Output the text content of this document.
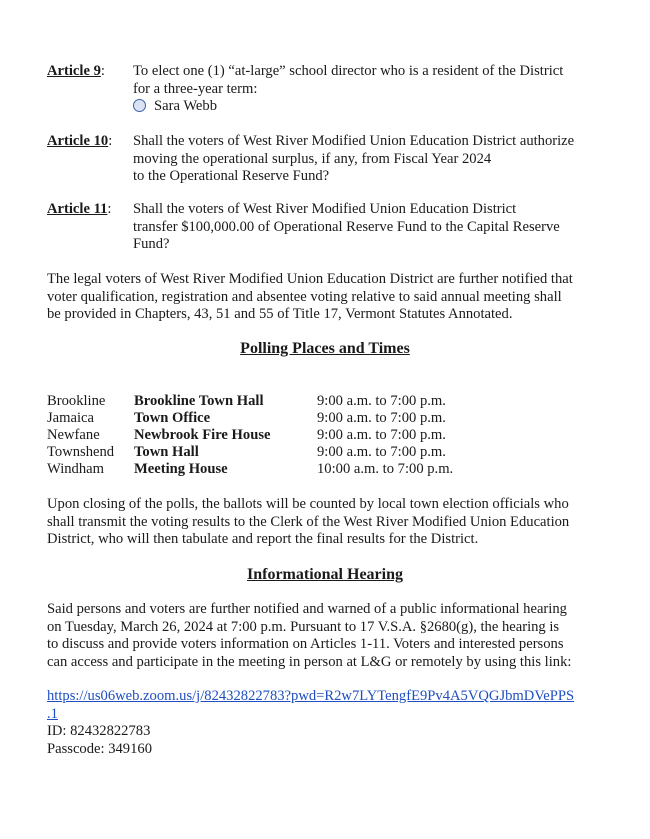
Article 9: To elect one (1) “at-large” school director who is a resident of the District
for a three-year term:
Sara Webb
Article 10: Shall the voters of West River Modified Union Education District authorize
moving the operational surplus, if any, from Fiscal Year 2024
to the Operational Reserve Fund?
Article 11: Shall the voters of West River Modified Union Education District
transfer $100,000.00 of Operational Reserve Fund to the Capital Reserve
Fund?
The legal voters of West River Modified Union Education District are further notified that
voter qualification, registration and absentee voting relative to said annual meeting shall
be provided in Chapters, 43, 51 and 55 of Title 17, Vermont Statutes Annotated.
Polling Places and Times
Brookline Brookline Town Hall	9:00 a.m. to 7:00 p.m.
Jamaica	Town Office	9:00 a.m. to 7:00 p.m.
Newfane Newbrook Fire House	9:00 a.m. to 7:00 p.m.
Townshend Town Hall	9:00 a.m. to 7:00 p.m.
Windham Meeting House	10:00 a.m. to 7:00 p.m.
Upon closing of the polls, the ballots will be counted by local town election officials who
shall transmit the voting results to the Clerk of the West River Modified Union Education
District, who will then tabulate and report the final results for the District.
Informational Hearing
Said persons and voters are further notified and warned of a public informational hearing
on Tuesday, March 26, 2024 at 7:00 p.m. Pursuant to 17 V.S.A. §2680(g), the hearing is
to discuss and provide voters information on Articles 1-11. Voters and interested persons
can access and participate in the meeting in person at L&G or remotely by using this link:
https://us06web.zoom.us/j/82432822783?pwd=R2w7LYTengfE9Pv4A5VQGJbmDVePPS
.1
ID: 82432822783
Passcode: 349160
